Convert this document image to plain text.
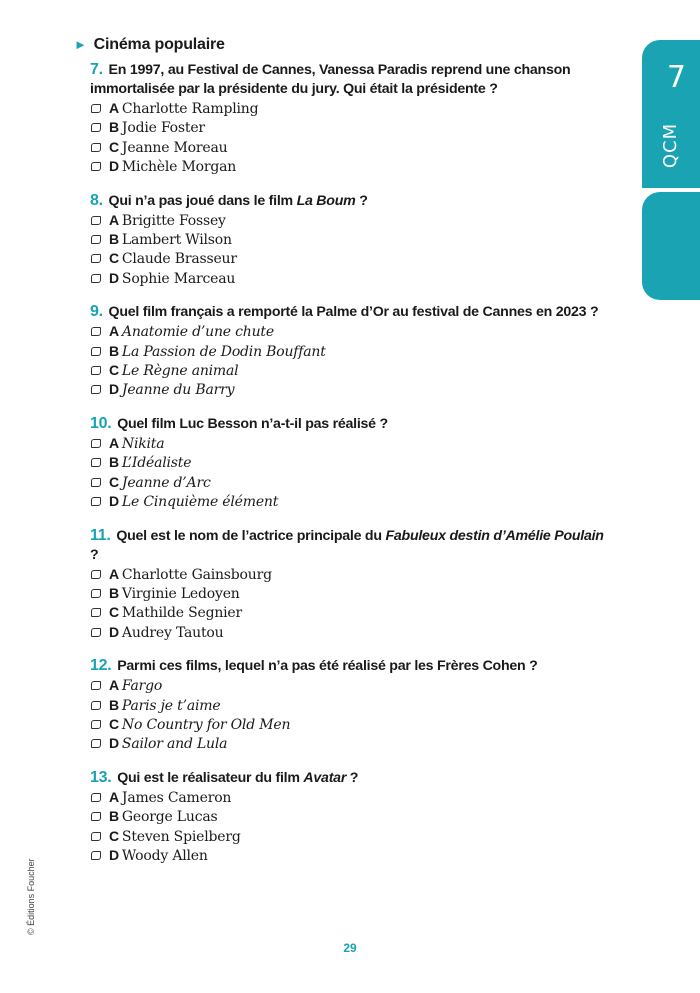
► Cinéma populaire
7. En 1997, au Festival de Cannes, Vanessa Paradis reprend une chanson immortalisée par la présidente du jury. Qui était la présidente ?
A Charlotte Rampling
B Jodie Foster
C Jeanne Moreau
D Michèle Morgan
8. Qui n’a pas joué dans le film La Boum ?
A Brigitte Fossey
B Lambert Wilson
C Claude Brasseur
D Sophie Marceau
9. Quel film français a remporté la Palme d’Or au festival de Cannes en 2023 ?
A Anatomie d’une chute
B La Passion de Dodin Bouffant
C Le Règne animal
D Jeanne du Barry
10. Quel film Luc Besson n’a-t-il pas réalisé ?
A Nikita
B L’Idéaliste
C Jeanne d’Arc
D Le Cinquième élément
11. Quel est le nom de l’actrice principale du Fabuleux destin d’Amélie Poulain ?
A Charlotte Gainsbourg
B Virginie Ledoyen
C Mathilde Segnier
D Audrey Tautou
12. Parmi ces films, lequel n’a pas été réalisé par les Frères Cohen ?
A Fargo
B Paris je t’aime
C No Country for Old Men
D Sailor and Lula
13. Qui est le réalisateur du film Avatar ?
A James Cameron
B George Lucas
C Steven Spielberg
D Woody Allen
7
QCM
© Éditions Foucher
29
